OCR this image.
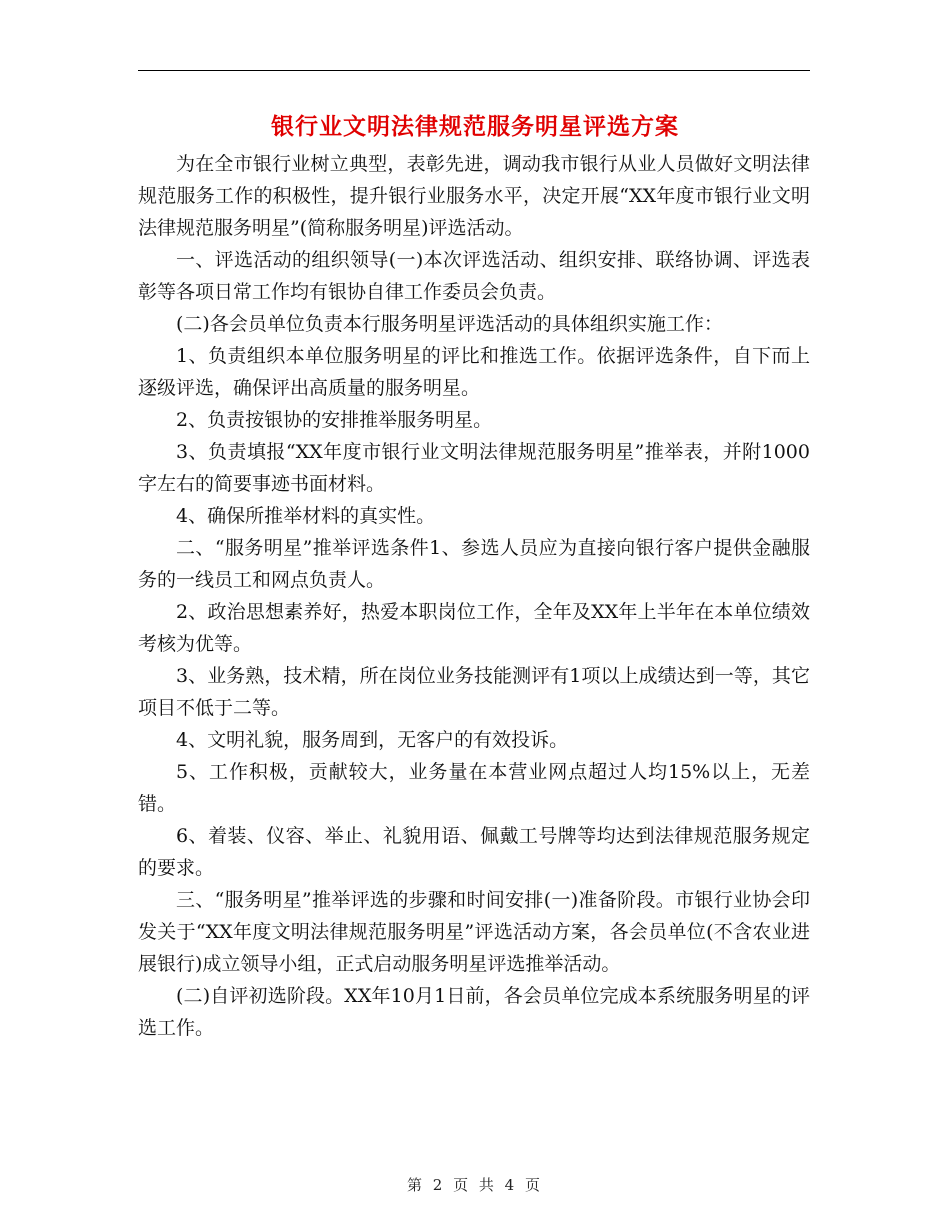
银行业文明法律规范服务明星评选方案

为在全市银行业树立典型，表彰先进，调动我市银行从业人员做好文明法律规范服务工作的积极性，提升银行业服务水平，决定开展“XX年度市银行业文明法律规范服务明星”(简称服务明星)评选活动。

一、评选活动的组织领导(一)本次评选活动、组织安排、联络协调、评选表彰等各项日常工作均有银协自律工作委员会负责。

(二)各会员单位负责本行服务明星评选活动的具体组织实施工作：

1、负责组织本单位服务明星的评比和推选工作。依据评选条件，自下而上逐级评选，确保评出高质量的服务明星。

2、负责按银协的安排推举服务明星。

3、负责填报“XX年度市银行业文明法律规范服务明星”推举表，并附1000字左右的简要事迹书面材料。

4、确保所推举材料的真实性。

二、“服务明星”推举评选条件1、参选人员应为直接向银行客户提供金融服务的一线员工和网点负责人。

2、政治思想素养好，热爱本职岗位工作，全年及XX年上半年在本单位绩效考核为优等。

3、业务熟，技术精，所在岗位业务技能测评有1项以上成绩达到一等，其它项目不低于二等。

4、文明礼貌，服务周到，无客户的有效投诉。

5、工作积极，贡献较大，业务量在本营业网点超过人均15%以上，无差错。

6、着装、仪容、举止、礼貌用语、佩戴工号牌等均达到法律规范服务规定的要求。

三、“服务明星”推举评选的步骤和时间安排(一)准备阶段。市银行业协会印发关于“XX年度文明法律规范服务明星”评选活动方案，各会员单位(不含农业进展银行)成立领导小组，正式启动服务明星评选推举活动。

(二)自评初选阶段。XX年10月1日前，各会员单位完成本系统服务明星的评选工作。

第 2 页 共 4 页
